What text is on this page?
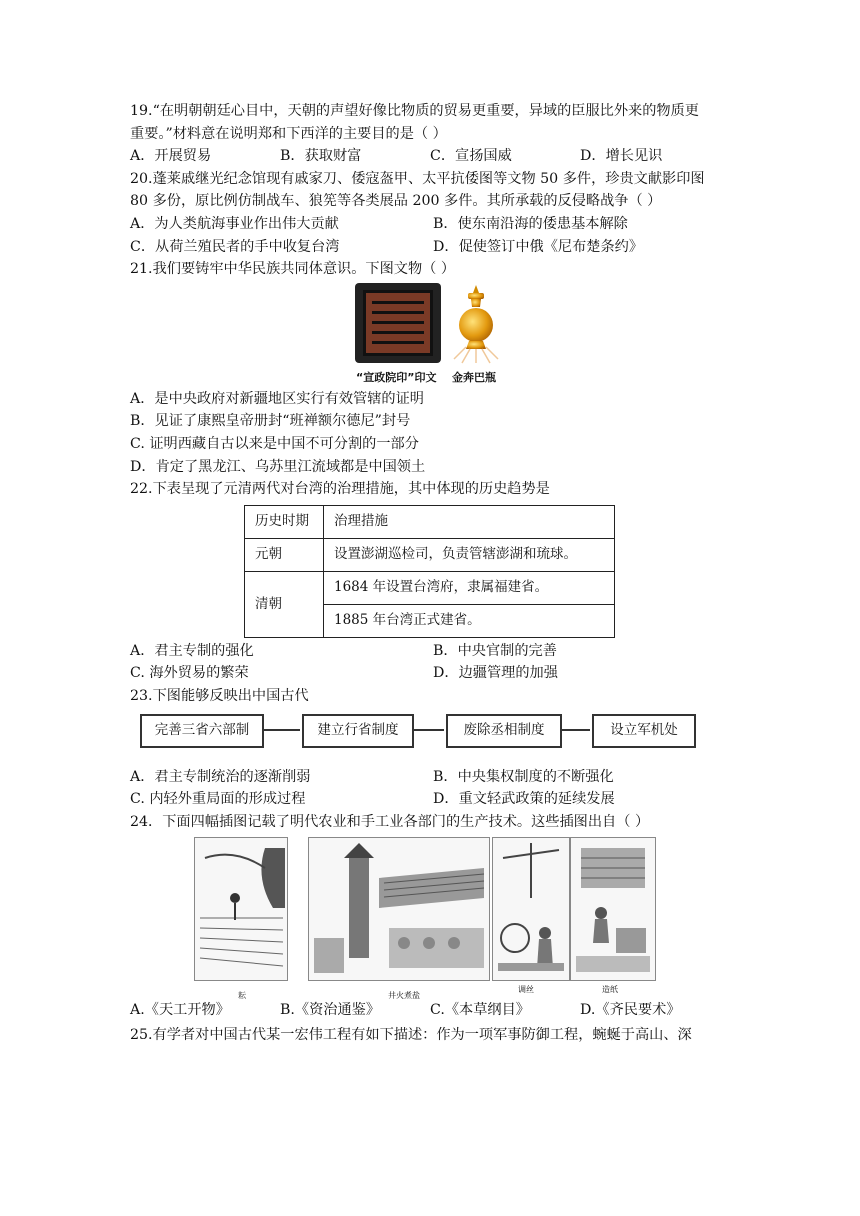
19.“在明朝朝廷心目中，天朝的声望好像比物质的贸易更重要，异域的臣服比外来的物质更
重要。”材料意在说明郑和下西洋的主要目的是（ ）
A．开展贸易	B．获取财富	C．宣扬国威	D．增长见识
20.蓬莱戚继光纪念馆现有戚家刀、倭寇盔甲、太平抗倭图等文物 50 多件，珍贵文献影印图
80 多份，原比例仿制战车、狼筅等各类展品 200 多件。其所承载的反侵略战争（ ）
A．为人类航海事业作出伟大贡献	B．使东南沿海的倭患基本解除
C．从荷兰殖民者的手中收复台湾	D．促使签订中俄《尼布楚条约》
21.我们要铸牢中华民族共同体意识。下图文物（ ）
“宣政院印”印文 金奔巴瓶
A．是中央政府对新疆地区实行有效管辖的证明
B．见证了康熙皇帝册封“班禅额尔德尼”封号
C. 证明西藏自古以来是中国不可分割的一部分
D．肯定了黑龙江、乌苏里江流域都是中国领土
22.下表呈现了元清两代对台湾的治理措施，其中体现的历史趋势是
历史时期	治理措施
元朝	设置澎湖巡检司，负责管辖澎湖和琉球。
清朝	1684 年设置台湾府，隶属福建省。
	1885 年台湾正式建省。
A．君主专制的强化	B．中央官制的完善
C. 海外贸易的繁荣	D．边疆管理的加强
23.下图能够反映出中国古代
完善三省六部制	建立行省制度	废除丞相制度	设立军机处
A．君主专制统治的逐渐削弱	B．中央集权制度的不断强化
C. 内轻外重局面的形成过程	D．重文轻武政策的延续发展
24．下面四幅插图记载了明代农业和手工业各部门的生产技术。这些插图出自（ ）
耘	井火煮盐
调丝	造纸
A.《天工开物》	B.《资治通鉴》	C.《本草纲目》	D.《齐民要术》
25.有学者对中国古代某一宏伟工程有如下描述：作为一项军事防御工程，蜿蜒于高山、深
